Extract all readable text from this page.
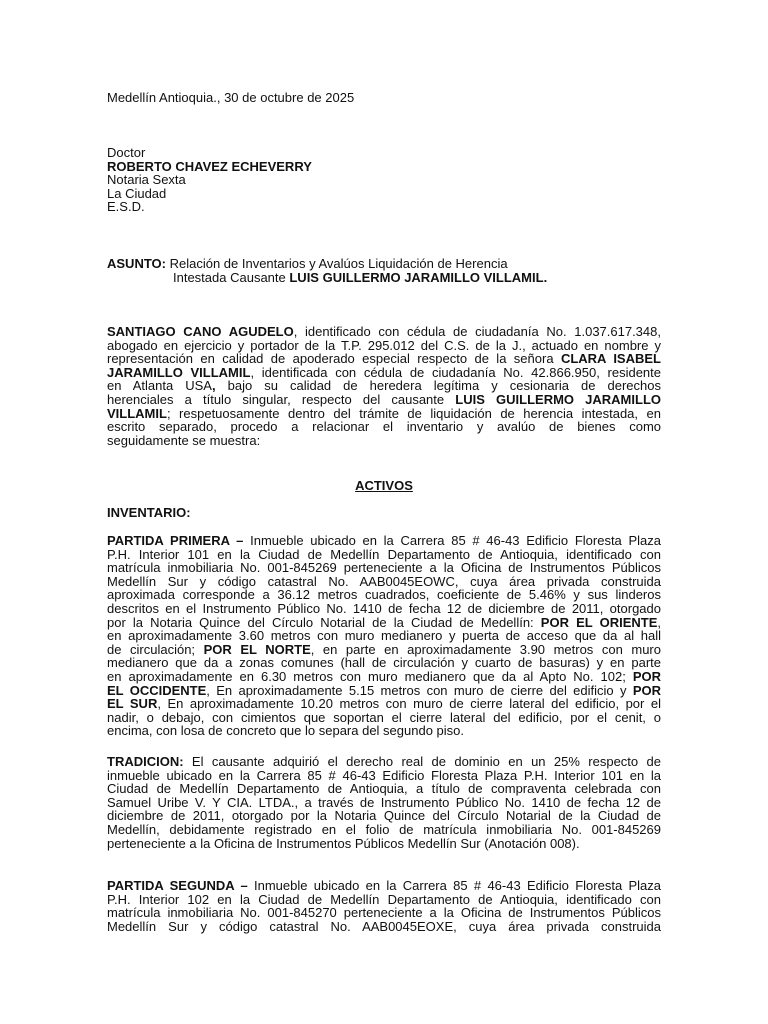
Medellín Antioquia., 30 de octubre de 2025
Doctor
ROBERTO CHAVEZ ECHEVERRY
Notaria Sexta
La Ciudad
E.S.D.
ASUNTO: Relación de Inventarios y Avalúos Liquidación de Herencia
Intestada Causante LUIS GUILLERMO JARAMILLO VILLAMIL.
SANTIAGO CANO AGUDELO, identificado con cédula de ciudadanía No. 1.037.617.348,
abogado en ejercicio y portador de la T.P. 295.012 del C.S. de la J., actuado en nombre y
representación en calidad de apoderado especial respecto de la señora CLARA ISABEL
JARAMILLO VILLAMIL, identificada con cédula de ciudadanía No. 42.866.950, residente
en Atlanta USA, bajo su calidad de heredera legítima y cesionaria de derechos
herenciales a título singular, respecto del causante LUIS GUILLERMO JARAMILLO
VILLAMIL; respetuosamente dentro del trámite de liquidación de herencia intestada, en
escrito separado, procedo a relacionar el inventario y avalúo de bienes como
seguidamente se muestra:
ACTIVOS
INVENTARIO:
PARTIDA PRIMERA – Inmueble ubicado en la Carrera 85 # 46-43 Edificio Floresta Plaza
P.H. Interior 101 en la Ciudad de Medellín Departamento de Antioquia, identificado con
matrícula inmobiliaria No. 001-845269 perteneciente a la Oficina de Instrumentos Públicos
Medellín Sur y código catastral No. AAB0045EOWC, cuya área privada construida
aproximada corresponde a 36.12 metros cuadrados, coeficiente de 5.46% y sus linderos
descritos en el Instrumento Público No. 1410 de fecha 12 de diciembre de 2011, otorgado
por la Notaria Quince del Círculo Notarial de la Ciudad de Medellín: POR EL ORIENTE,
en aproximadamente 3.60 metros con muro medianero y puerta de acceso que da al hall
de circulación; POR EL NORTE, en parte en aproximadamente 3.90 metros con muro
medianero que da a zonas comunes (hall de circulación y cuarto de basuras) y en parte
en aproximadamente en 6.30 metros con muro medianero que da al Apto No. 102; POR
EL OCCIDENTE, En aproximadamente 5.15 metros con muro de cierre del edificio y POR
EL SUR, En aproximadamente 10.20 metros con muro de cierre lateral del edificio, por el
nadir, o debajo, con cimientos que soportan el cierre lateral del edificio, por el cenit, o
encima, con losa de concreto que lo separa del segundo piso.
TRADICION: El causante adquirió el derecho real de dominio en un 25% respecto de
inmueble ubicado en la Carrera 85 # 46-43 Edificio Floresta Plaza P.H. Interior 101 en la
Ciudad de Medellín Departamento de Antioquia, a título de compraventa celebrada con
Samuel Uribe V. Y CIA. LTDA., a través de Instrumento Público No. 1410 de fecha 12 de
diciembre de 2011, otorgado por la Notaria Quince del Círculo Notarial de la Ciudad de
Medellín, debidamente registrado en el folio de matrícula inmobiliaria No. 001-845269
perteneciente a la Oficina de Instrumentos Públicos Medellín Sur (Anotación 008).
PARTIDA SEGUNDA – Inmueble ubicado en la Carrera 85 # 46-43 Edificio Floresta Plaza
P.H. Interior 102 en la Ciudad de Medellín Departamento de Antioquia, identificado con
matrícula inmobiliaria No. 001-845270 perteneciente a la Oficina de Instrumentos Públicos
Medellín Sur y código catastral No. AAB0045EOXE, cuya área privada construida
